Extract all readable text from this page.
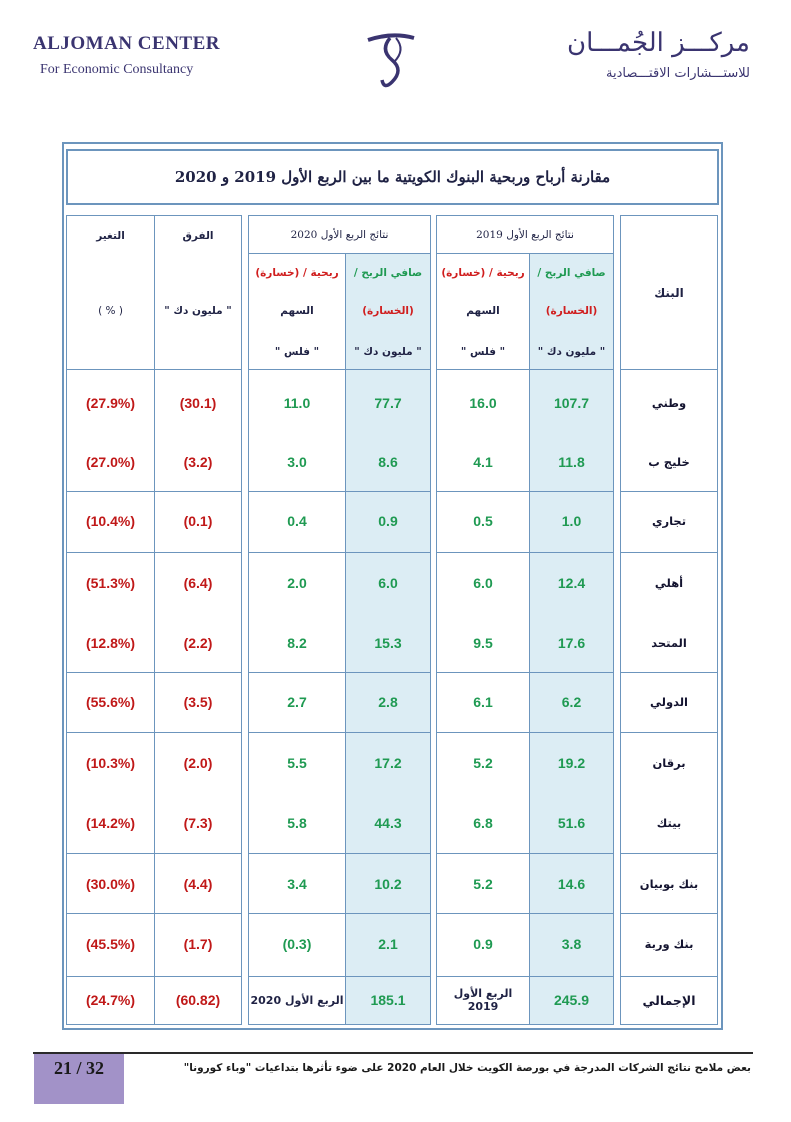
ALJOMAN CENTER
For Economic Consultancy
مركـــز الجُمـــان
للاستـــشارات الاقتـــصادية
مقارنة أرباح وربحية البنوك الكويتية ما بين الربع الأول 2019 و 2020
البنك
نتائج الربع الأول 2019
نتائج الربع الأول 2020
صافي الربح /
(الخسارة)
" مليون دك "
ربحية / (خسارة)
السهم
" فلس "
صافي الربح /
(الخسارة)
" مليون دك "
ربحية / (خسارة)
السهم
" فلس "
الفرق
" مليون دك "
التغير
( % )
وطني
107.7
16.0
77.7
11.0
(30.1)
(27.9%)
خليج ب
11.8
4.1
8.6
3.0
(3.2)
(27.0%)
تجاري
1.0
0.5
0.9
0.4
(0.1)
(10.4%)
أهلي
12.4
6.0
6.0
2.0
(6.4)
(51.3%)
المتحد
17.6
9.5
15.3
8.2
(2.2)
(12.8%)
الدولي
6.2
6.1
2.8
2.7
(3.5)
(55.6%)
برقان
19.2
5.2
17.2
5.5
(2.0)
(10.3%)
بيتك
51.6
6.8
44.3
5.8
(7.3)
(14.2%)
بنك بوبيان
14.6
5.2
10.2
3.4
(4.4)
(30.0%)
بنك وربة
3.8
0.9
2.1
(0.3)
(1.7)
(45.5%)
الإجمالي
245.9
الربع الأول 2019
185.1
الربع الأول 2020
(60.82)
(24.7%)
21 / 32	بعض ملامح نتائج الشركات المدرجة في بورصة الكويت خلال العام 2020 على ضوء تأثرها بتداعيات "وباء كورونا"
